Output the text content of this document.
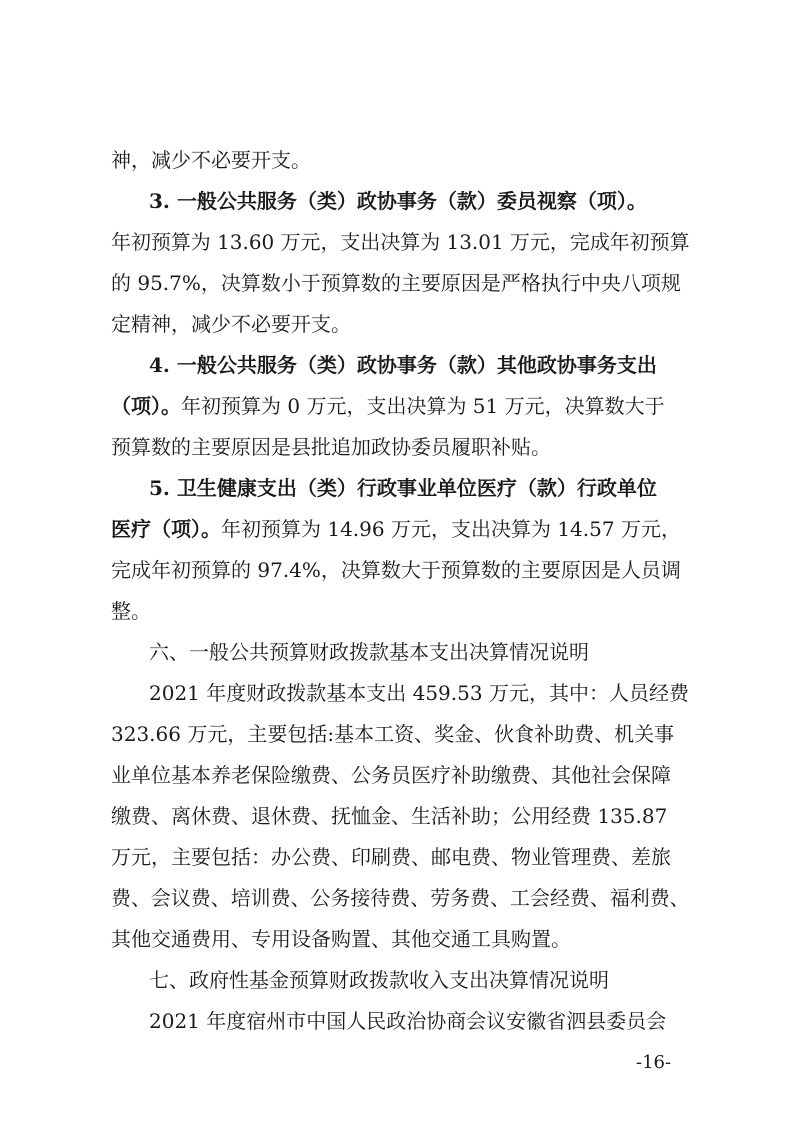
神，减少不必要开支。
3. 一般公共服务（类）政协事务（款）委员视察（项）。
年初预算为 13.60 万元，支出决算为 13.01 万元，完成年初预算
的 95.7%，决算数小于预算数的主要原因是严格执行中央八项规
定精神，减少不必要开支。
4. 一般公共服务（类）政协事务（款）其他政协事务支出
（项）。年初预算为 0 万元，支出决算为 51 万元，决算数大于
预算数的主要原因是县批追加政协委员履职补贴。
5. 卫生健康支出（类）行政事业单位医疗（款）行政单位
医疗（项）。年初预算为 14.96 万元，支出决算为 14.57 万元，
完成年初预算的 97.4%，决算数大于预算数的主要原因是人员调
整。
六、一般公共预算财政拨款基本支出决算情况说明
2021 年度财政拨款基本支出 459.53 万元，其中：人员经费
323.66 万元，主要包括:基本工资、奖金、伙食补助费、机关事
业单位基本养老保险缴费、公务员医疗补助缴费、其他社会保障
缴费、离休费、退休费、抚恤金、生活补助；公用经费 135.87
万元，主要包括：办公费、印刷费、邮电费、物业管理费、差旅
费、会议费、培训费、公务接待费、劳务费、工会经费、福利费、
其他交通费用、专用设备购置、其他交通工具购置。
七、政府性基金预算财政拨款收入支出决算情况说明
2021 年度宿州市中国人民政治协商会议安徽省泗县委员会
-16-
